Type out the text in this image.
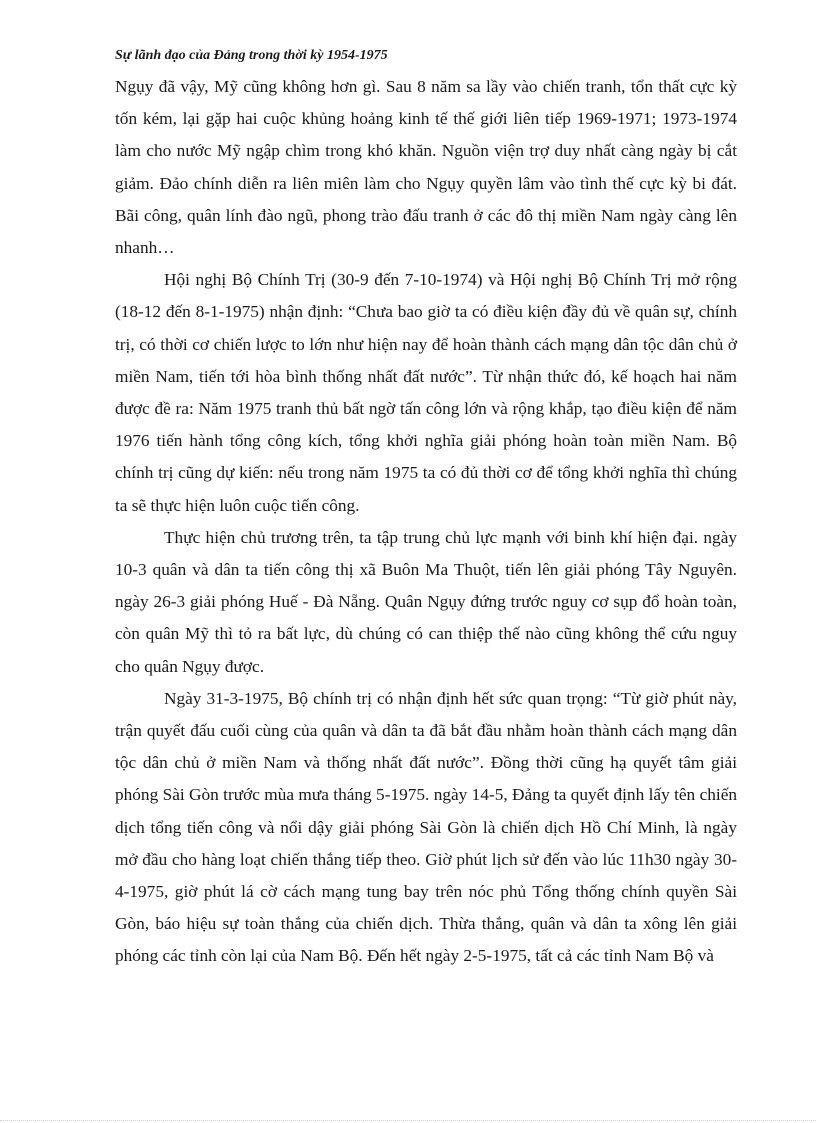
Sự lãnh đạo của Đảng trong thời kỳ 1954-1975

Ngụy đã vậy, Mỹ cũng không hơn gì. Sau 8 năm sa lầy vào chiến tranh, tổn thất cực kỳ tốn kém, lại gặp hai cuộc khủng hoảng kinh tế thế giới liên tiếp 1969-1971; 1973-1974 làm cho nước Mỹ ngập chìm trong khó khăn. Nguồn viện trợ duy nhất càng ngày bị cắt giảm. Đảo chính diễn ra liên miên làm cho Ngụy quyền lâm vào tình thế cực kỳ bi đát. Bãi công, quân lính đào ngũ, phong trào đấu tranh ở các đô thị miền Nam ngày càng lên nhanh…

Hội nghị Bộ Chính Trị (30-9 đến 7-10-1974) và Hội nghị Bộ Chính Trị mở rộng (18-12 đến 8-1-1975) nhận định: “Chưa bao giờ ta có điều kiện đầy đủ về quân sự, chính trị, có thời cơ chiến lược to lớn như hiện nay để hoàn thành cách mạng dân tộc dân chủ ở miền Nam, tiến tới hòa bình thống nhất đất nước”. Từ nhận thức đó, kế hoạch hai năm được đề ra: Năm 1975 tranh thủ bất ngờ tấn công lớn và rộng khắp, tạo điều kiện để năm 1976 tiến hành tổng công kích, tổng khởi nghĩa giải phóng hoàn toàn miền Nam. Bộ chính trị cũng dự kiến: nếu trong năm 1975 ta có đủ thời cơ để tổng khởi nghĩa thì chúng ta sẽ thực hiện luôn cuộc tiến công.

Thực hiện chủ trương trên, ta tập trung chủ lực mạnh với binh khí hiện đại. ngày 10-3 quân và dân ta tiến công thị xã Buôn Ma Thuột, tiến lên giải phóng Tây Nguyên. ngày 26-3 giải phóng Huế - Đà Nẵng. Quân Ngụy đứng trước nguy cơ sụp đổ hoàn toàn, còn quân Mỹ thì tỏ ra bất lực, dù chúng có can thiệp thế nào cũng không thể cứu nguy cho quân Ngụy được.

Ngày 31-3-1975, Bộ chính trị có nhận định hết sức quan trọng: “Từ giờ phút này, trận quyết đấu cuối cùng của quân và dân ta đã bắt đầu nhằm hoàn thành cách mạng dân tộc dân chủ ở miền Nam và thống nhất đất nước”. Đồng thời cũng hạ quyết tâm giải phóng Sài Gòn trước mùa mưa tháng 5-1975. ngày 14-5, Đảng ta quyết định lấy tên chiến dịch tổng tiến công và nổi dậy giải phóng Sài Gòn là chiến dịch Hồ Chí Minh, là ngày mở đầu cho hàng loạt chiến thắng tiếp theo. Giờ phút lịch sử đến vào lúc 11h30 ngày 30-4-1975, giờ phút lá cờ cách mạng tung bay trên nóc phủ Tổng thống chính quyền Sài Gòn, báo hiệu sự toàn thắng của chiến dịch. Thừa thắng, quân và dân ta xông lên giải phóng các tỉnh còn lại của Nam Bộ. Đến hết ngày 2-5-1975, tất cả các tỉnh Nam Bộ và
